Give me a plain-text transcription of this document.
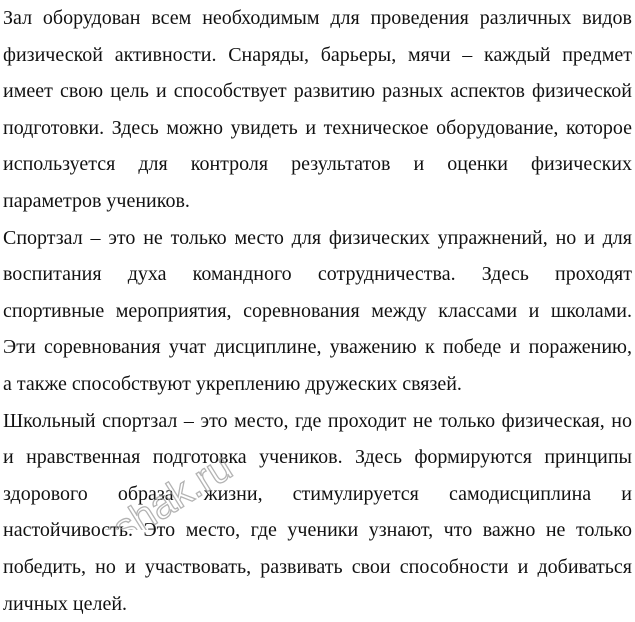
Зал оборудован всем необходимым для проведения различных видов
физической активности. Снаряды, барьеры, мячи – каждый предмет
имеет свою цель и способствует развитию разных аспектов физической
подготовки. Здесь можно увидеть и техническое оборудование, которое
используется для контроля результатов и оценки физических
параметров учеников.
Спортзал – это не только место для физических упражнений, но и для
воспитания духа командного сотрудничества. Здесь проходят
спортивные мероприятия, соревнования между классами и школами.
Эти соревнования учат дисциплине, уважению к победе и поражению,
а также способствуют укреплению дружеских связей.
Школьный спортзал – это место, где проходит не только физическая, но
и нравственная подготовка учеников. Здесь формируются принципы
здорового образа жизни, стимулируется самодисциплина и
настойчивость. Это место, где ученики узнают, что важно не только
победить, но и участвовать, развивать свои способности и добиваться
личных целей.
reshak.ru
